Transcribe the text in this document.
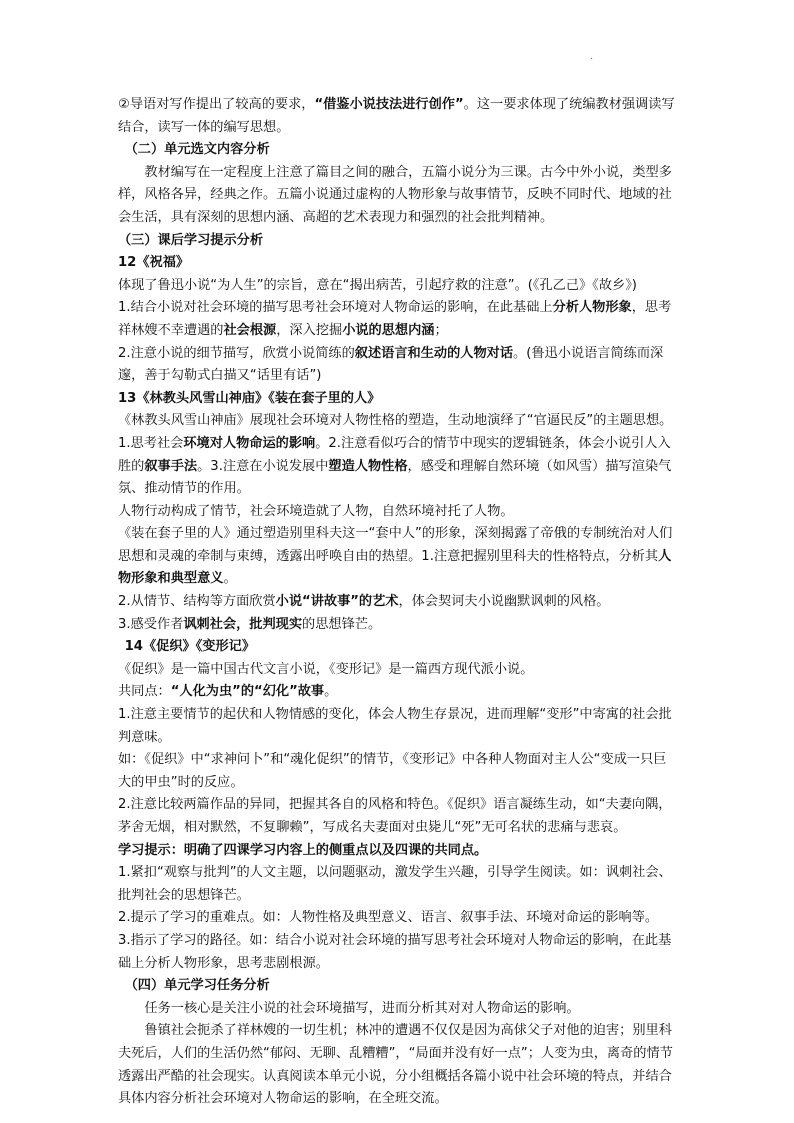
·

②导语对写作提出了较高的要求，“借鉴小说技法进行创作”。这一要求体现了统编教材强调读写结合，读写一体的编写思想。

（二）单元选文内容分析

教材编写在一定程度上注意了篇目之间的融合，五篇小说分为三课。古今中外小说，类型多样，风格各异，经典之作。五篇小说通过虚构的人物形象与故事情节，反映不同时代、地域的社会生活，具有深刻的思想内涵、高超的艺术表现力和强烈的社会批判精神。

（三）课后学习提示分析

12《祝福》

体现了鲁迅小说“为人生”的宗旨，意在“揭出病苦，引起疗救的注意”。(《孔乙己》《故乡》)

1.结合小说对社会环境的描写思考社会环境对人物命运的影响，在此基础上分析人物形象，思考祥林嫂不幸遭遇的社会根源，深入挖掘小说的思想内涵；

2.注意小说的细节描写，欣赏小说简练的叙述语言和生动的人物对话。(鲁迅小说语言简练而深邃，善于勾勒式白描又“话里有话”)

13《林教头风雪山神庙》《装在套子里的人》

《林教头风雪山神庙》展现社会环境对人物性格的塑造，生动地演绎了“官逼民反”的主题思想。

1.思考社会环境对人物命运的影响。2.注意看似巧合的情节中现实的逻辑链条，体会小说引人入胜的叙事手法。3.注意在小说发展中塑造人物性格，感受和理解自然环境（如风雪）描写渲染气氛、推动情节的作用。

人物行动构成了情节，社会环境造就了人物，自然环境衬托了人物。

《装在套子里的人》通过塑造别里科夫这一“套中人”的形象，深刻揭露了帝俄的专制统治对人们思想和灵魂的牵制与束缚，透露出呼唤自由的热望。1.注意把握别里科夫的性格特点，分析其人物形象和典型意义。

2.从情节、结构等方面欣赏小说“讲故事”的艺术，体会契诃夫小说幽默讽刺的风格。

3.感受作者讽刺社会，批判现实的思想锋芒。

14《促织》《变形记》

《促织》是一篇中国古代文言小说，《变形记》是一篇西方现代派小说。

共同点：“人化为虫”的“幻化”故事。

1.注意主要情节的起伏和人物情感的变化，体会人物生存景况，进而理解“变形”中寄寓的社会批判意味。

如：《促织》中“求神问卜”和“魂化促织”的情节，《变形记》中各种人物面对主人公“变成一只巨大的甲虫”时的反应。

2.注意比较两篇作品的异同，把握其各自的风格和特色。《促织》语言凝练生动，如“夫妻向隅，茅舍无烟，相对默然，不复聊赖”，写成名夫妻面对虫毙儿“死”无可名状的悲痛与悲哀。

学习提示：明确了四课学习内容上的侧重点以及四课的共同点。

1.紧扣“观察与批判”的人文主题，以问题驱动，激发学生兴趣，引导学生阅读。如：讽刺社会、批判社会的思想锋芒。

2.提示了学习的重难点。如：人物性格及典型意义、语言、叙事手法、环境对命运的影响等。

3.指示了学习的路径。如：结合小说对社会环境的描写思考社会环境对人物命运的影响，在此基础上分析人物形象，思考悲剧根源。

（四）单元学习任务分析

任务一核心是关注小说的社会环境描写，进而分析其对对人物命运的影响。

鲁镇社会扼杀了祥林嫂的一切生机；林冲的遭遇不仅仅是因为高俅父子对他的迫害；别里科夫死后，人们的生活仍然“郁闷、无聊、乱糟糟”，“局面并没有好一点”；人变为虫，离奇的情节透露出严酷的社会现实。认真阅读本单元小说，分小组概括各篇小说中社会环境的特点，并结合具体内容分析社会环境对人物命运的影响，在全班交流。
